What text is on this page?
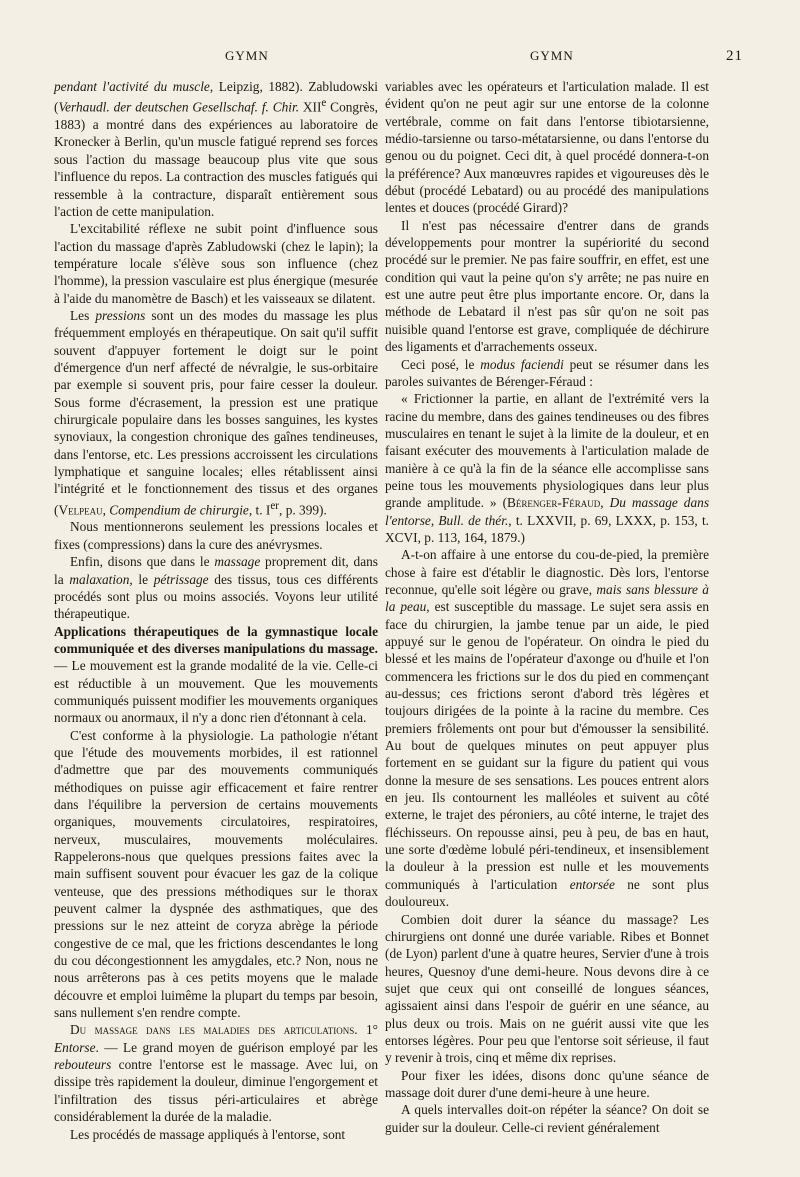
GYMN	GYMN	21

pendant l'activité du muscle, Leipzig, 1882). Zabludowski (Verhaudl. der deutschen Gesellschaf. f. Chir. XIIe Congrès, 1883) a montré dans des expériences au laboratoire de Kronecker à Berlin, qu'un muscle fatigué reprend ses forces sous l'action du massage beaucoup plus vite que sous l'influence du repos. La contraction des muscles fatigués qui ressemble à la contracture, disparaît entièrement sous l'action de cette manipulation.

L'excitabilité réflexe ne subit point d'influence sous l'action du massage d'après Zabludowski (chez le lapin); la température locale s'élève sous son influence (chez l'homme), la pression vasculaire est plus énergique (mesurée à l'aide du manomètre de Basch) et les vaisseaux se dilatent.

Les pressions sont un des modes du massage les plus fréquemment employés en thérapeutique. On sait qu'il suffit souvent d'appuyer fortement le doigt sur le point d'émergence d'un nerf affecté de névralgie, le sus-orbitaire par exemple si souvent pris, pour faire cesser la douleur. Sous forme d'écrasement, la pression est une pratique chirurgicale populaire dans les bosses sanguines, les kystes synoviaux, la congestion chronique des gaînes tendineuses, dans l'entorse, etc. Les pressions accroissent les circulations lymphatique et sanguine locales; elles rétablissent ainsi l'intégrité et le fonctionnement des tissus et des organes (Velpeau, Compendium de chirurgie, t. Ier, p. 399).

Nous mentionnerons seulement les pressions locales et fixes (compressions) dans la cure des anévrysmes.

Enfin, disons que dans le massage proprement dit, dans la malaxation, le pétrissage des tissus, tous ces différents procédés sont plus ou moins associés. Voyons leur utilité thérapeutique.

Applications thérapeutiques de la gymnastique locale communiquée et des diverses manipulations du massage. — Le mouvement est la grande modalité de la vie. Celle-ci est réductible à un mouvement. Que les mouvements communiqués puissent modifier les mouvements organiques normaux ou anormaux, il n'y a donc rien d'étonnant à cela.

C'est conforme à la physiologie. La pathologie n'étant que l'étude des mouvements morbides, il est rationnel d'admettre que par des mouvements communiqués méthodiques on puisse agir efficacement et faire rentrer dans l'équilibre la perversion de certains mouvements organiques, mouvements circulatoires, respiratoires, nerveux, musculaires, mouvements moléculaires. Rappelerons-nous que quelques pressions faites avec la main suffisent souvent pour évacuer les gaz de la colique venteuse, que des pressions méthodiques sur le thorax peuvent calmer la dyspnée des asthmatiques, que des pressions sur le nez atteint de coryza abrège la période congestive de ce mal, que les frictions descendantes le long du cou décongestionnent les amygdales, etc.? Non, nous ne nous arrêterons pas à ces petits moyens que le malade découvre et emploi luimême la plupart du temps par besoin, sans nullement s'en rendre compte.

Du massage dans les maladies des articulations. 1° Entorse. — Le grand moyen de guérison employé par les rebouteurs contre l'entorse est le massage. Avec lui, on dissipe très rapidement la douleur, diminue l'engorgement et l'infiltration des tissus péri-articulaires et abrège considérablement la durée de la maladie.

Les procédés de massage appliqués à l'entorse, sont

variables avec les opérateurs et l'articulation malade. Il est évident qu'on ne peut agir sur une entorse de la colonne vertébrale, comme on fait dans l'entorse tibiotarsienne, médio-tarsienne ou tarso-métatarsienne, ou dans l'entorse du genou ou du poignet. Ceci dit, à quel procédé donnera-t-on la préférence? Aux manœuvres rapides et vigoureuses dès le début (procédé Lebatard) ou au procédé des manipulations lentes et douces (procédé Girard)?

Il n'est pas nécessaire d'entrer dans de grands développements pour montrer la supériorité du second procédé sur le premier. Ne pas faire souffrir, en effet, est une condition qui vaut la peine qu'on s'y arrête; ne pas nuire en est une autre peut être plus importante encore. Or, dans la méthode de Lebatard il n'est pas sûr qu'on ne soit pas nuisible quand l'entorse est grave, compliquée de déchirure des ligaments et d'arrachements osseux.

Ceci posé, le modus faciendi peut se résumer dans les paroles suivantes de Bérenger-Féraud :

« Frictionner la partie, en allant de l'extrémité vers la racine du membre, dans des gaines tendineuses ou des fibres musculaires en tenant le sujet à la limite de la douleur, et en faisant exécuter des mouvements à l'articulation malade de manière à ce qu'à la fin de la séance elle accomplisse sans peine tous les mouvements physiologiques dans leur plus grande amplitude. » (Bérenger-Féraud, Du massage dans l'entorse, Bull. de thér., t. LXXVII, p. 69, LXXX, p. 153, t. XCVI, p. 113, 164, 1879.)

A-t-on affaire à une entorse du cou-de-pied, la première chose à faire est d'établir le diagnostic. Dès lors, l'entorse reconnue, qu'elle soit légère ou grave, mais sans blessure à la peau, est susceptible du massage. Le sujet sera assis en face du chirurgien, la jambe tenue par un aide, le pied appuyé sur le genou de l'opérateur. On oindra le pied du blessé et les mains de l'opérateur d'axonge ou d'huile et l'on commencera les frictions sur le dos du pied en commençant au-dessus; ces frictions seront d'abord très légères et toujours dirigées de la pointe à la racine du membre. Ces premiers frôlements ont pour but d'émousser la sensibilité. Au bout de quelques minutes on peut appuyer plus fortement en se guidant sur la figure du patient qui vous donne la mesure de ses sensations. Les pouces entrent alors en jeu. Ils contournent les malléoles et suivent au côté externe, le trajet des péroniers, au côté interne, le trajet des fléchisseurs. On repousse ainsi, peu à peu, de bas en haut, une sorte d'œdème lobulé péri-tendineux, et insensiblement la douleur à la pression est nulle et les mouvements communiqués à l'articulation entorsée ne sont plus douloureux.

Combien doit durer la séance du massage? Les chirurgiens ont donné une durée variable. Ribes et Bonnet (de Lyon) parlent d'une à quatre heures, Servier d'une à trois heures, Quesnoy d'une demi-heure. Nous devons dire à ce sujet que ceux qui ont conseillé de longues séances, agissaient ainsi dans l'espoir de guérir en une séance, au plus deux ou trois. Mais on ne guérit aussi vite que les entorses légères. Pour peu que l'entorse soit sérieuse, il faut y revenir à trois, cinq et même dix reprises.

Pour fixer les idées, disons donc qu'une séance de massage doit durer d'une demi-heure à une heure.

A quels intervalles doit-on répéter la séance? On doit se guider sur la douleur. Celle-ci revient généralement
